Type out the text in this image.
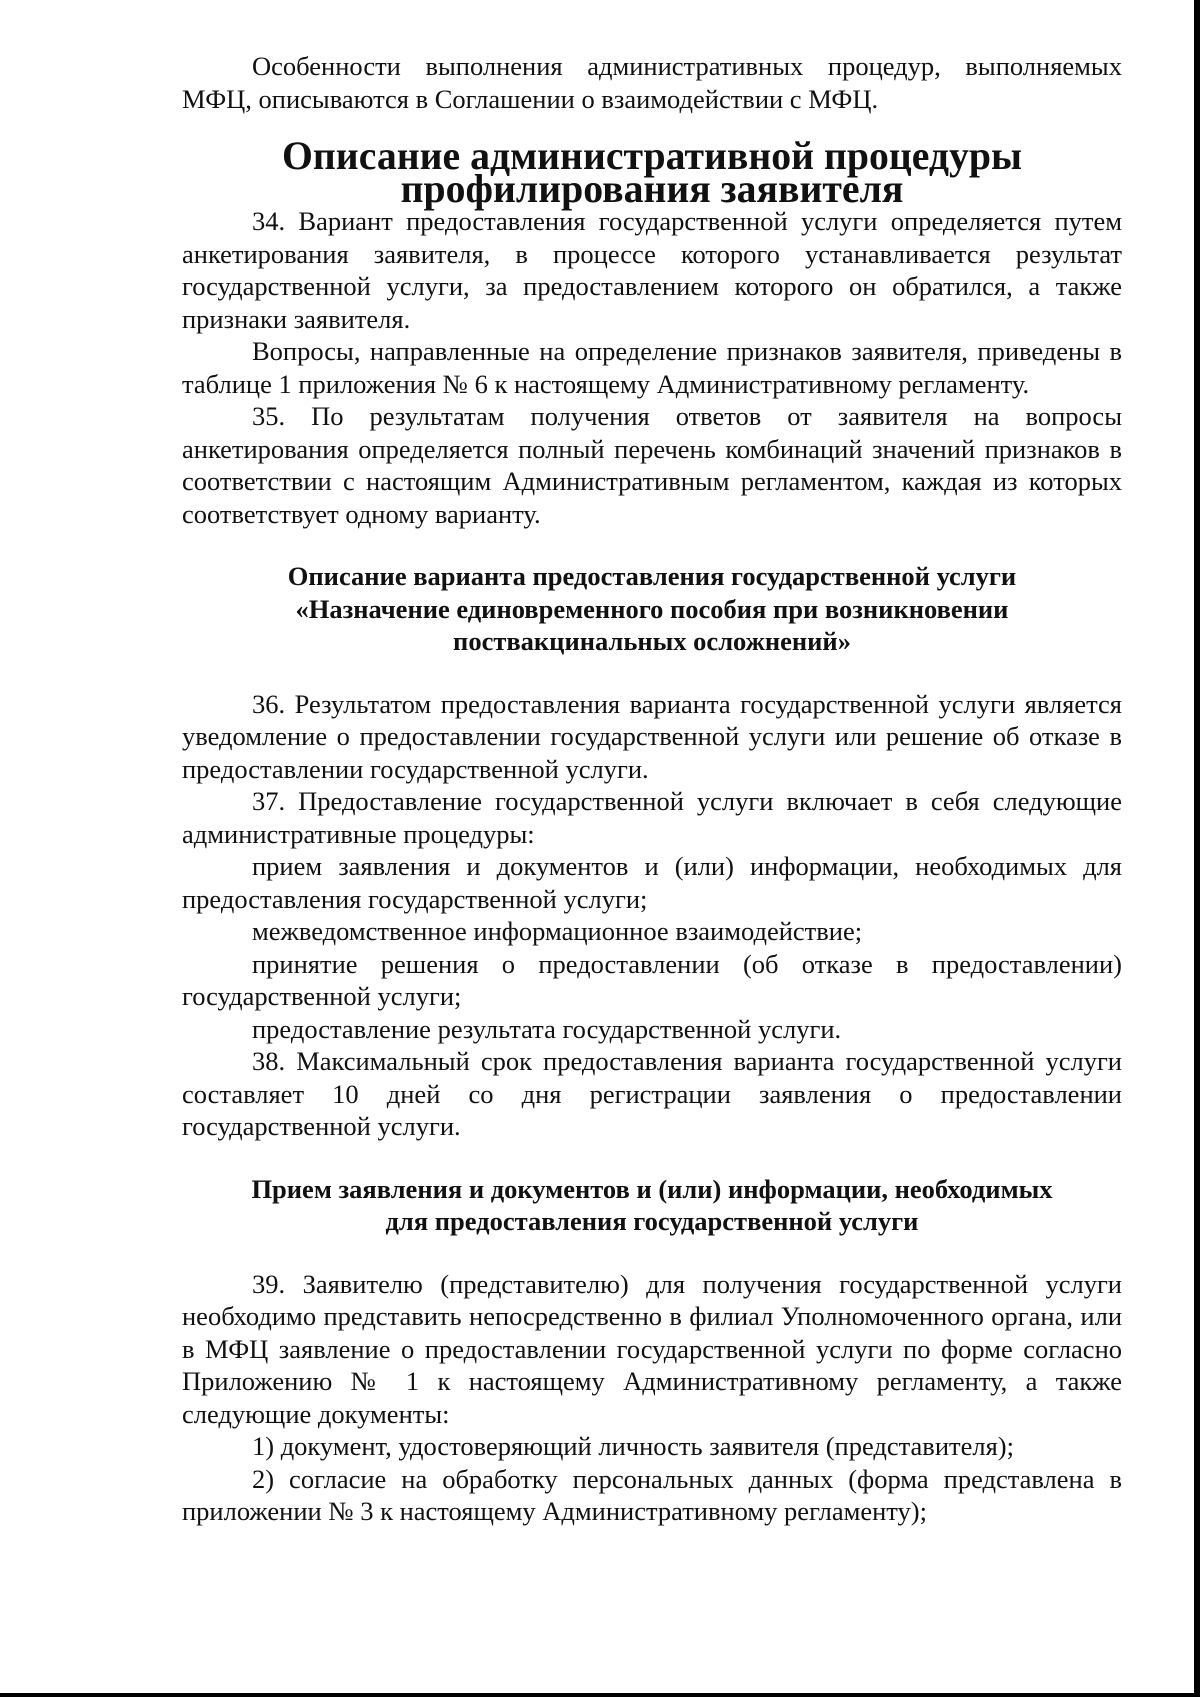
Особенности выполнения административных процедур, выполняемых МФЦ, описываются в Соглашении о взаимодействии с МФЦ.

Описание административной процедуры профилирования заявителя

34. Вариант предоставления государственной услуги определяется путем анкетирования заявителя, в процессе которого устанавливается результат государственной услуги, за предоставлением которого он обратился, а также признаки заявителя.

Вопросы, направленные на определение признаков заявителя, приведены в таблице 1 приложения № 6 к настоящему Административному регламенту.

35. По результатам получения ответов от заявителя на вопросы анкетирования определяется полный перечень комбинаций значений признаков в соответствии с настоящим Административным регламентом, каждая из которых соответствует одному варианту.

Описание варианта предоставления государственной услуги
«Назначение единовременного пособия при возникновении
поствакцинальных осложнений»

36. Результатом предоставления варианта государственной услуги является уведомление о предоставлении государственной услуги или решение об отказе в предоставлении государственной услуги.

37. Предоставление государственной услуги включает в себя следующие административные процедуры:

прием заявления и документов и (или) информации, необходимых для предоставления государственной услуги;

межведомственное информационное взаимодействие;

принятие решения о предоставлении (об отказе в предоставлении) государственной услуги;

предоставление результата государственной услуги.

38. Максимальный срок предоставления варианта государственной услуги составляет 10 дней со дня регистрации заявления о предоставлении государственной услуги.

Прием заявления и документов и (или) информации, необходимых
для предоставления государственной услуги

39. Заявителю (представителю) для получения государственной услуги необходимо представить непосредственно в филиал Уполномоченного органа, или в МФЦ заявление о предоставлении государственной услуги по форме согласно Приложению № 1 к настоящему Административному регламенту, а также следующие документы:

1) документ, удостоверяющий личность заявителя (представителя);

2) согласие на обработку персональных данных (форма представлена в приложении № 3 к настоящему Административному регламенту);
